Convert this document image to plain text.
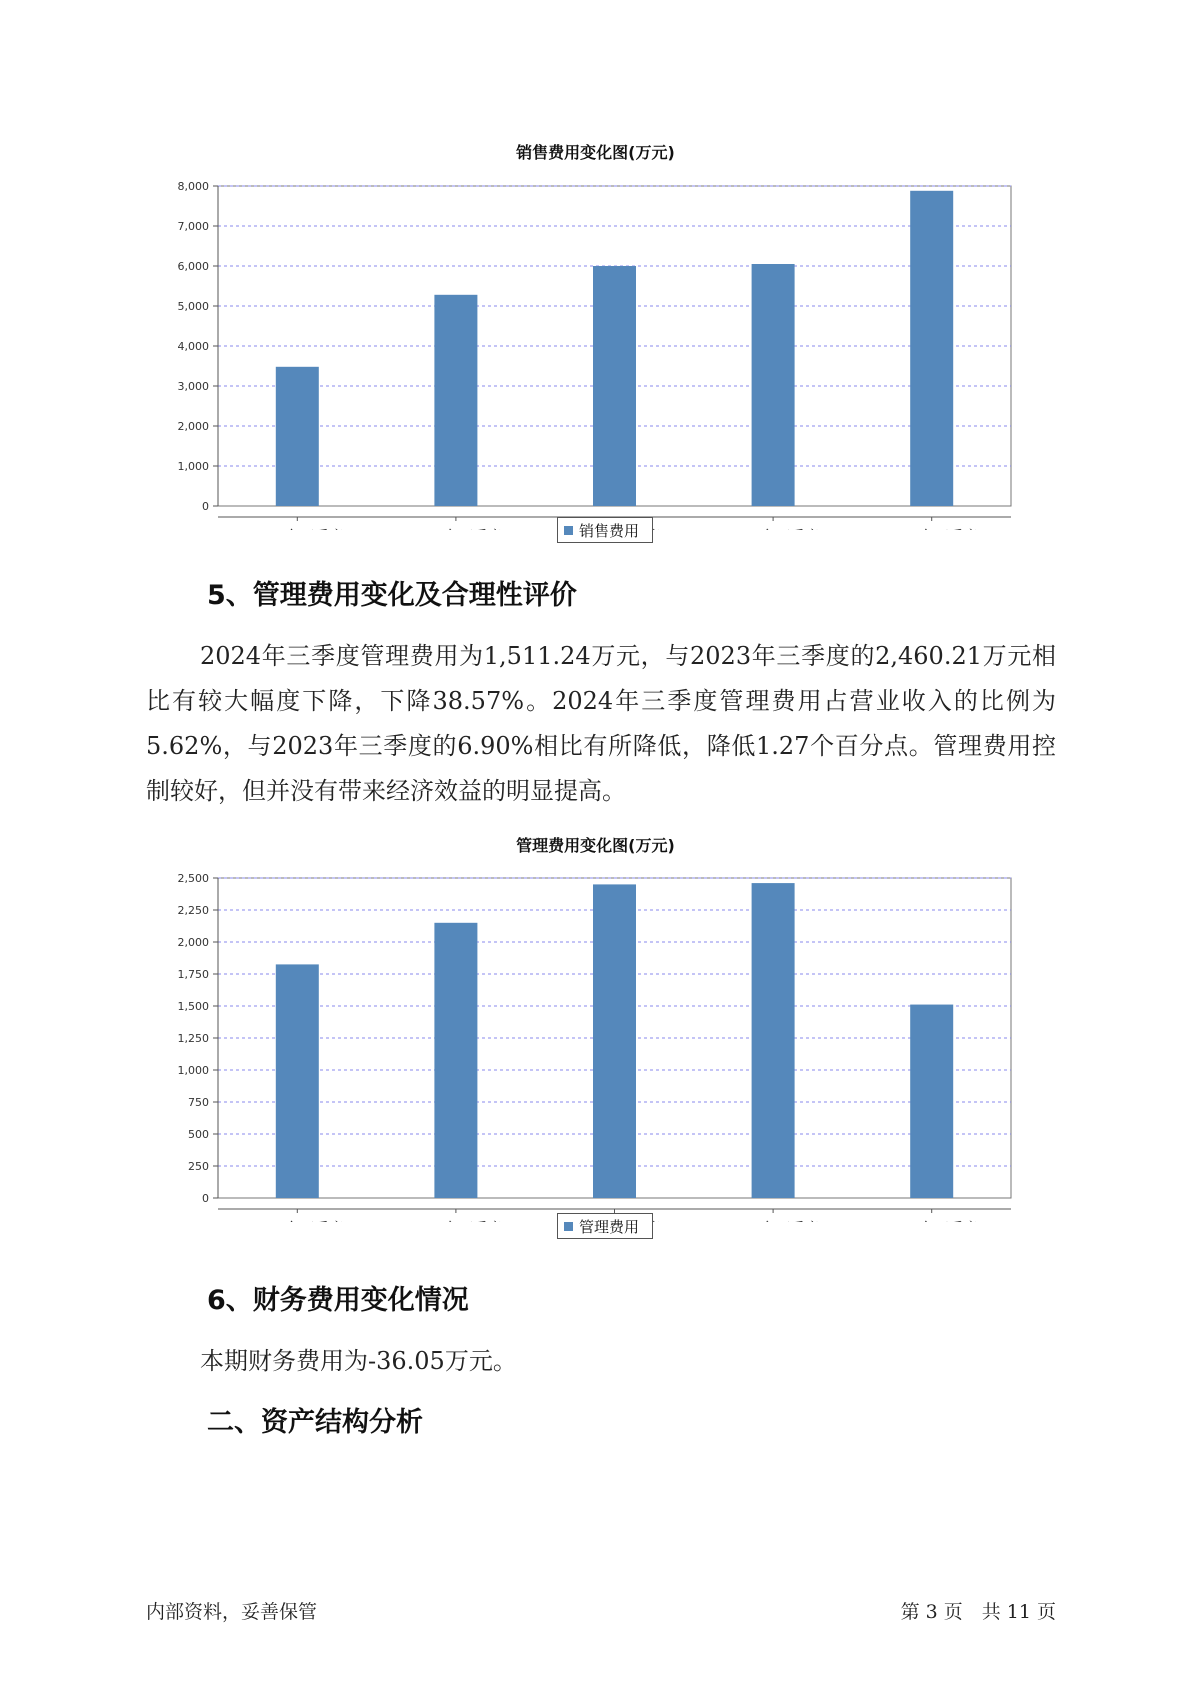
销售费用变化图(万元)
0
1,000
2,000
3,000
4,000
5,000
6,000
7,000
8,000
销售费用
5、管理费用变化及合理性评价

2024年三季度管理费用为1,511.24万元，与2023年三季度的2,460.21万元相比有较大幅度下降，下降38.57%。2024年三季度管理费用占营业收入的比例为5.62%，与2023年三季度的6.90%相比有所降低，降低1.27个百分点。管理费用控制较好，但并没有带来经济效益的明显提高。

管理费用变化图(万元)
0
250
500
750
1,000
1,250
1,500
1,750
2,000
2,250
2,500
管理费用
6、财务费用变化情况

本期财务费用为-36.05万元。

二、资产结构分析
内部资料，妥善保管	第 3 页　共 11 页
